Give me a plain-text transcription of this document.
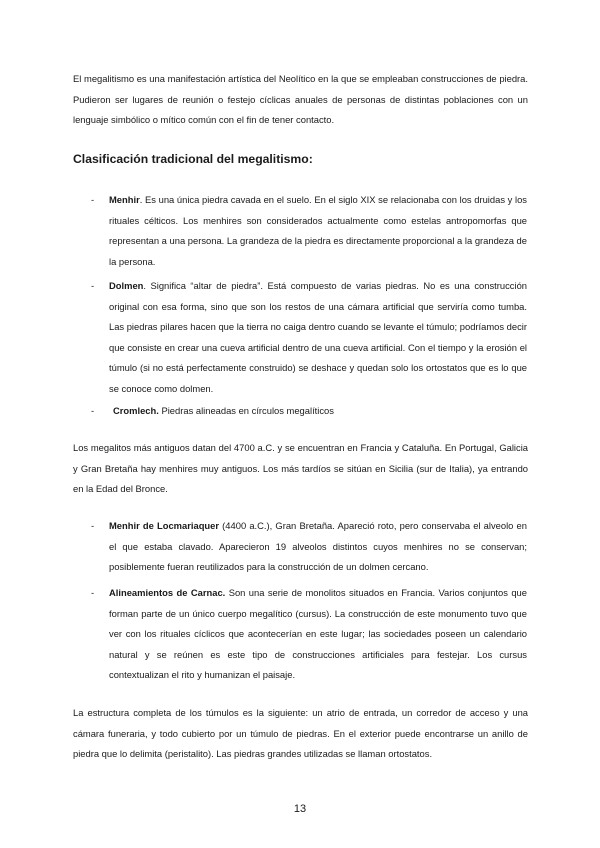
El megalitismo es una manifestación artística del Neolítico en la que se empleaban construcciones de piedra. Pudieron ser lugares de reunión o festejo cíclicas anuales de personas de distintas poblaciones con un lenguaje simbólico o mítico común con el fin de tener contacto.

Clasificación tradicional del megalitismo:
- Menhir. Es una única piedra cavada en el suelo. En el siglo XIX se relacionaba con los druidas y los rituales célticos. Los menhires son considerados actualmente como estelas antropomorfas que representan a una persona. La grandeza de la piedra es directamente proporcional a la grandeza de la persona.
- Dolmen. Significa “altar de piedra”. Está compuesto de varias piedras. No es una construcción original con esa forma, sino que son los restos de una cámara artificial que serviría como tumba. Las piedras pilares hacen que la tierra no caiga dentro cuando se levante el túmulo; podríamos decir que consiste en crear una cueva artificial dentro de una cueva artificial. Con el tiempo y la erosión el túmulo (si no está perfectamente construido) se deshace y quedan solo los ortostatos que es lo que se conoce como dolmen.
- Cromlech. Piedras alineadas en círculos megalíticos

Los megalitos más antiguos datan del 4700 a.C. y se encuentran en Francia y Cataluña. En Portugal, Galicia y Gran Bretaña hay menhires muy antiguos. Los más tardíos se sitúan en Sicilia (sur de Italia), ya entrando en la Edad del Bronce.

- Menhir de Locmariaquer (4400 a.C.), Gran Bretaña. Apareció roto, pero conservaba el alveolo en el que estaba clavado. Aparecieron 19 alveolos distintos cuyos menhires no se conservan; posiblemente fueran reutilizados para la construcción de un dolmen cercano.
- Alineamientos de Carnac. Son una serie de monolitos situados en Francia. Varios conjuntos que forman parte de un único cuerpo megalítico (cursus). La construcción de este monumento tuvo que ver con los rituales cíclicos que acontecerían en este lugar; las sociedades poseen un calendario natural y se reúnen es este tipo de construcciones artificiales para festejar. Los cursus contextualizan el rito y humanizan el paisaje.

La estructura completa de los túmulos es la siguiente: un atrio de entrada, un corredor de acceso y una cámara funeraria, y todo cubierto por un túmulo de piedras. En el exterior puede encontrarse un anillo de piedra que lo delimita (peristalito). Las piedras grandes utilizadas se llaman ortostatos.

13
